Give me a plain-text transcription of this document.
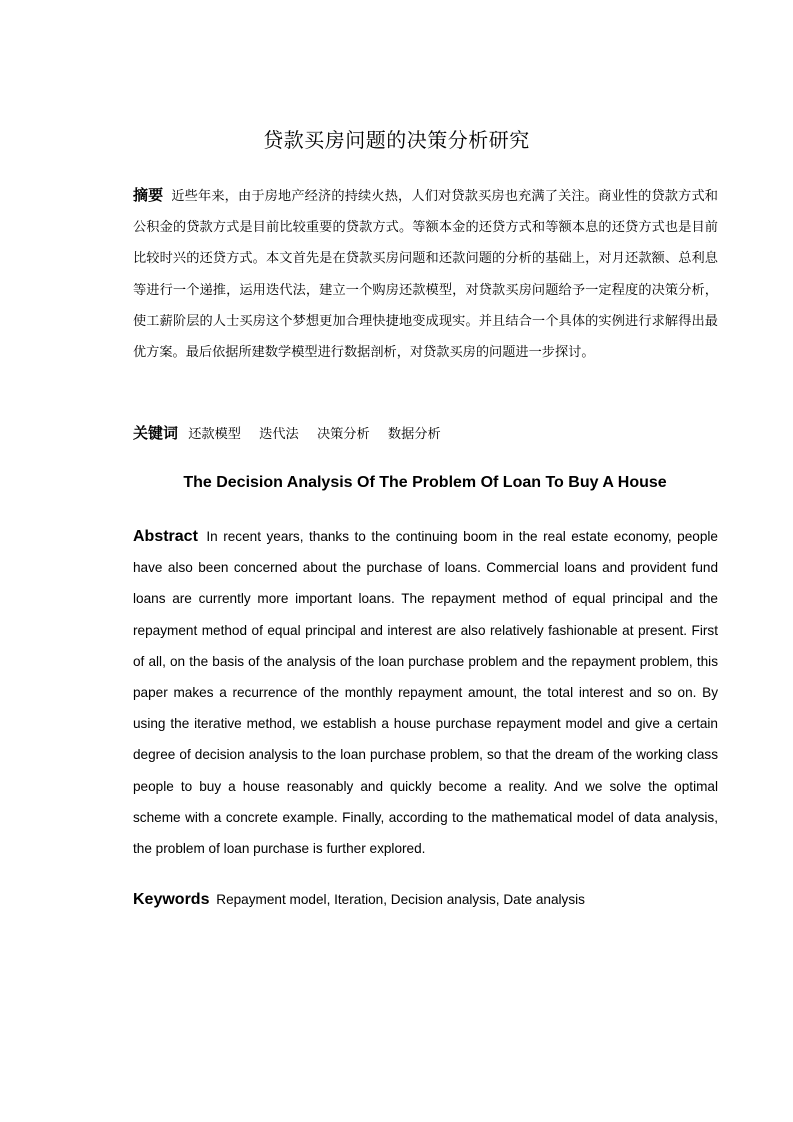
贷款买房问题的决策分析研究
摘要 近些年来，由于房地产经济的持续火热，人们对贷款买房也充满了关注。商业性的贷款方式和公积金的贷款方式是目前比较重要的贷款方式。等额本金的还贷方式和等额本息的还贷方式也是目前比较时兴的还贷方式。本文首先是在贷款买房问题和还款问题的分析的基础上，对月还款额、总利息等进行一个递推，运用迭代法，建立一个购房还款模型，对贷款买房问题给予一定程度的决策分析，使工薪阶层的人士买房这个梦想更加合理快捷地变成现实。并且结合一个具体的实例进行求解得出最优方案。最后依据所建数学模型进行数据剖析，对贷款买房的问题进一步探讨。
关键词 还款模型 迭代法 决策分析 数据分析
The Decision Analysis Of The Problem Of Loan To Buy A House
Abstract In recent years, thanks to the continuing boom in the real estate economy, people have also been concerned about the purchase of loans. Commercial loans and provident fund loans are currently more important loans. The repayment method of equal principal and the repayment method of equal principal and interest are also relatively fashionable at present. First of all, on the basis of the analysis of the loan purchase problem and the repayment problem, this paper makes a recurrence of the monthly repayment amount, the total interest and so on. By using the iterative method, we establish a house purchase repayment model and give a certain degree of decision analysis to the loan purchase problem, so that the dream of the working class people to buy a house reasonably and quickly become a reality. And we solve the optimal scheme with a concrete example. Finally, according to the mathematical model of data analysis, the problem of loan purchase is further explored.
Keywords Repayment model, Iteration, Decision analysis, Date analysis
